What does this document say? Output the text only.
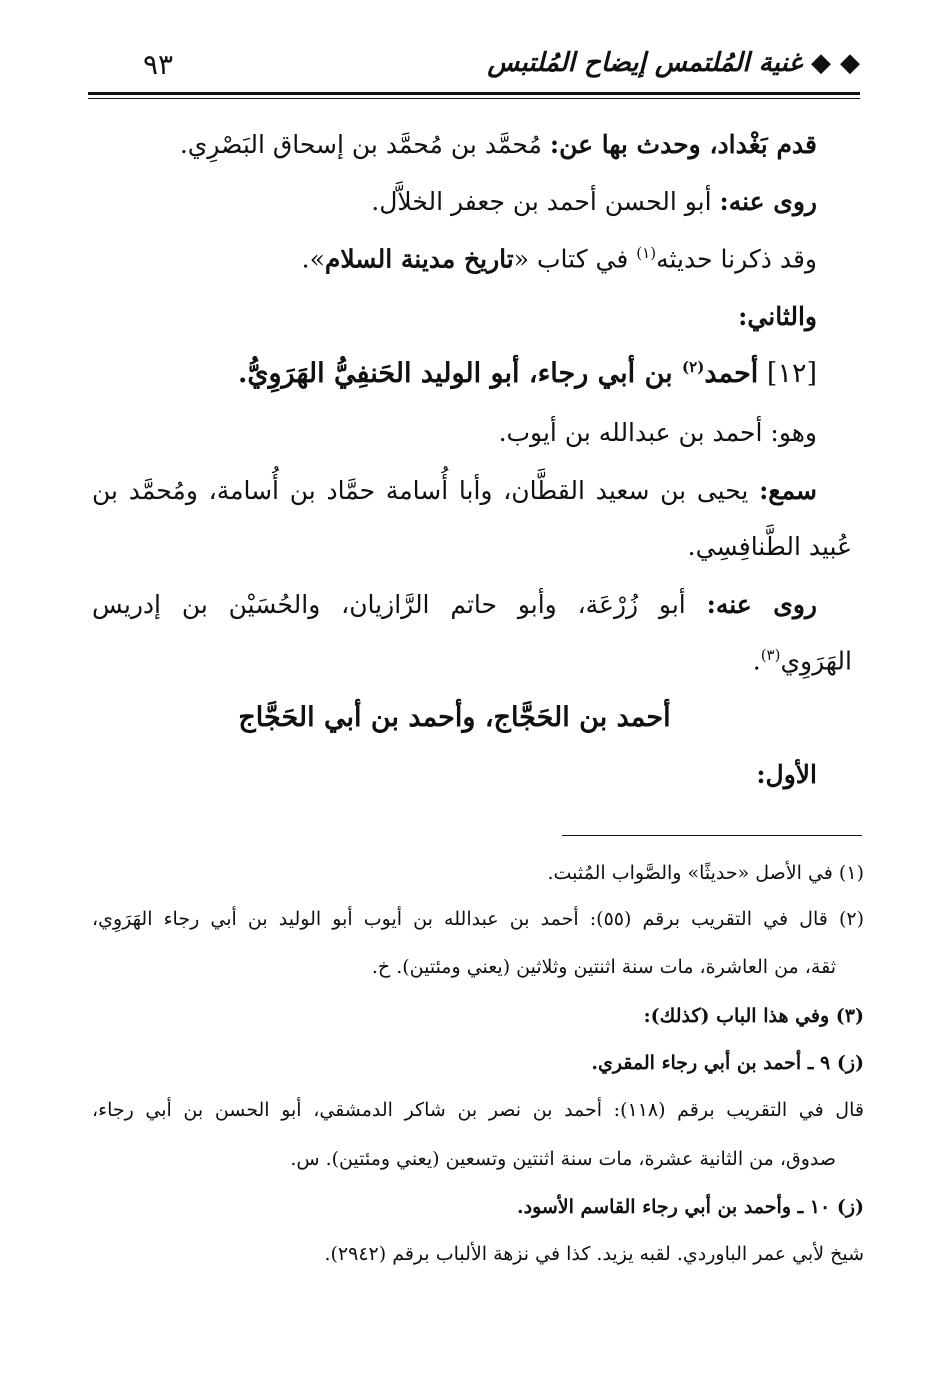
◆ ◆ غنية المُلتمس إيضاح المُلتبس
٩٣
قدم بَغْداد، وحدث بها عن: مُحمَّد بن مُحمَّد بن إسحاق البَصْرِي.
روى عنه: أبو الحسن أحمد بن جعفر الخلاَّل.
وقد ذكرنا حديثه$^{(١)}$ في كتاب «تاريخ مدينة السلام».
والثاني:
[١٢] أحمد$^{(٢)}$ بن أبي رجاء، أبو الوليد الحَنفِيُّ الهَرَوِيُّ.
وهو: أحمد بن عبدالله بن أيوب.
سمع: يحيى بن سعيد القطَّان، وأبا أُسامة حمَّاد بن أُسامة، ومُحمَّد بن
عُبيد الطَّنافِسِي.
روى عنه: أبو زُرْعَة، وأبو حاتم الرَّازيان، والحُسَيْن بن إدريس
الهَرَوِي$^{(٣)}$.
أحمد بن الحَجَّاج، وأحمد بن أبي الحَجَّاج
الأول:
(١) في الأصل «حديثًا» والصَّواب المُثبت.
(٢) قال في التقريب برقم (٥٥): أحمد بن عبدالله بن أيوب أبو الوليد بن أبي رجاء الهَرَوِي،
ثقة، من العاشرة، مات سنة اثنتين وثلاثين (يعني ومئتين). خ.
(٣) وفي هذا الباب (كذلك):
(ز) ٩ ـ أحمد بن أبي رجاء المقري.
قال في التقريب برقم (١١٨): أحمد بن نصر بن شاكر الدمشقي، أبو الحسن بن أبي رجاء،
صدوق، من الثانية عشرة، مات سنة اثنتين وتسعين (يعني ومئتين). س.
(ز) ١٠ ـ وأحمد بن أبي رجاء القاسم الأسود.
شيخ لأبي عمر الباوردي. لقبه يزيد. كذا في نزهة الألباب برقم (٢٩٤٢).
